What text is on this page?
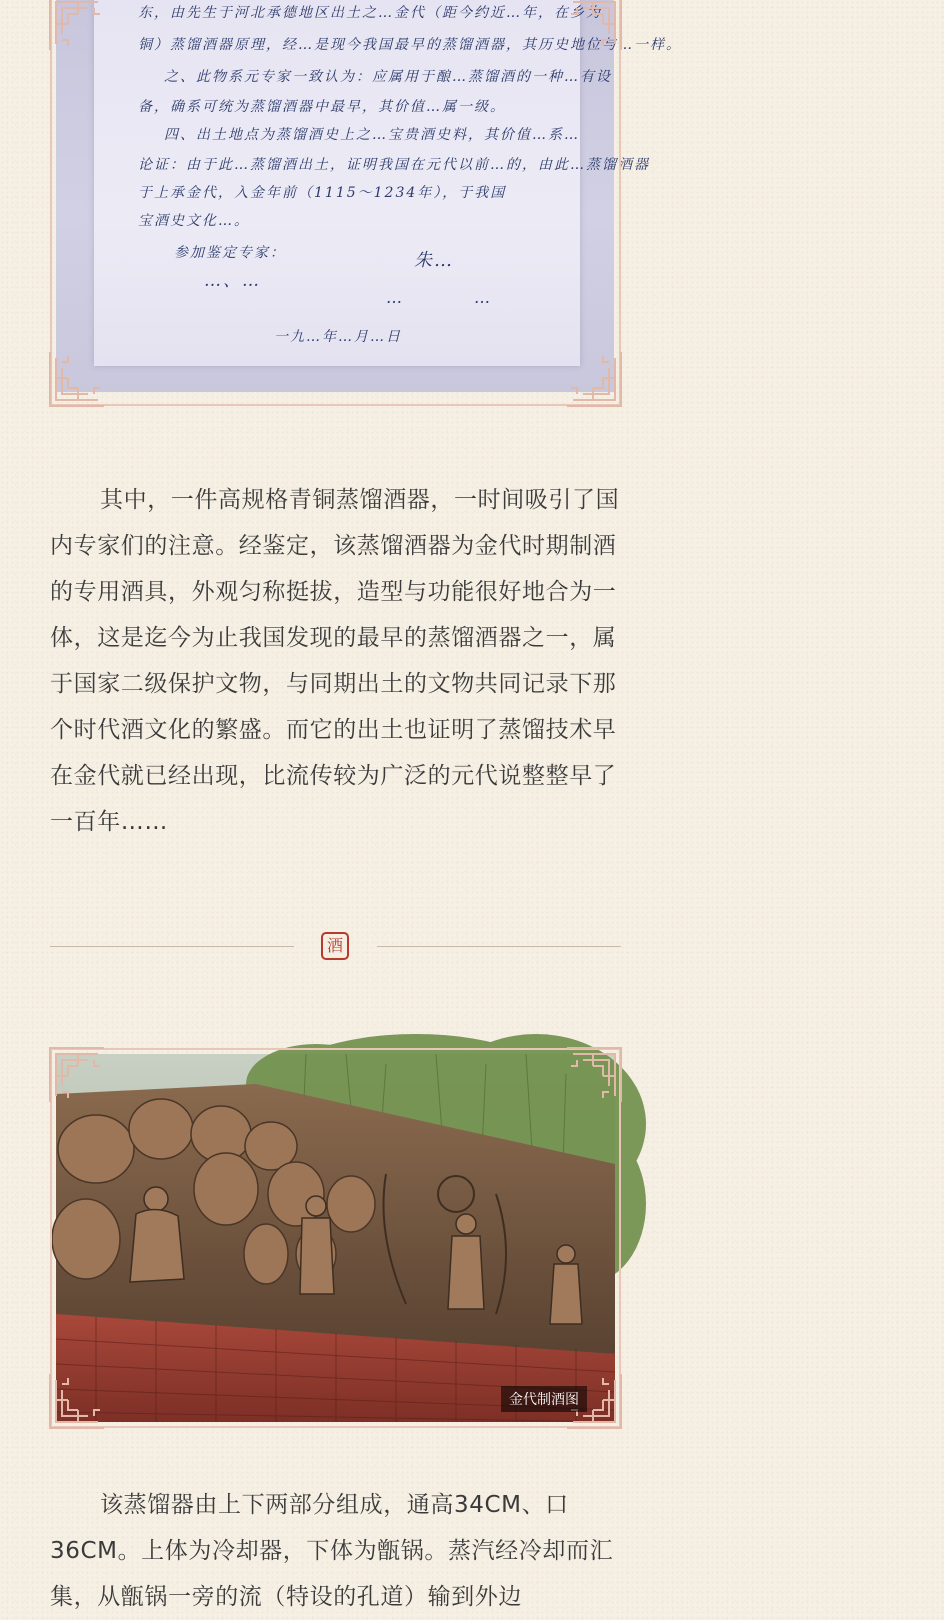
东，由先生于河北承德地区出土之…金代（距今约近…年，在乡为
铜）蒸馏酒器原理，经…是现今我国最早的蒸馏酒器，其历史地位与…一样。
之、此物系元专家一致认为：应属用于酿…蒸馏酒的一种…有设
备，确系可统为蒸馏酒器中最早，其价值…属一级。
四、出土地点为蒸馏酒史上之…宝贵酒史料，其价值…系…
论证：由于此…蒸馏酒出土，证明我国在元代以前…的，由此…蒸馏酒器
于上承金代，入金年前（1115～1234年），于我国
宝酒史文化…。
参加鉴定专家：
…、…
朱…
…	…
一九…年…月…日

其中，一件高规格青铜蒸馏酒器，一时间吸引了国内专家们的注意。经鉴定，该蒸馏酒器为金代时期制酒的专用酒具，外观匀称挺拔，造型与功能很好地合为一体，这是迄今为止我国发现的最早的蒸馏酒器之一，属于国家二级保护文物，与同期出土的文物共同记录下那个时代酒文化的繁盛。而它的出土也证明了蒸馏技术早在金代就已经出现，比流传较为广泛的元代说整整早了一百年……

酒
金代制酒图

该蒸馏器由上下两部分组成，通高34CM、口36CM。上体为冷却器，下体为甑锅。蒸汽经冷却而汇集，从甑锅一旁的流（特设的孔道）输到外边
